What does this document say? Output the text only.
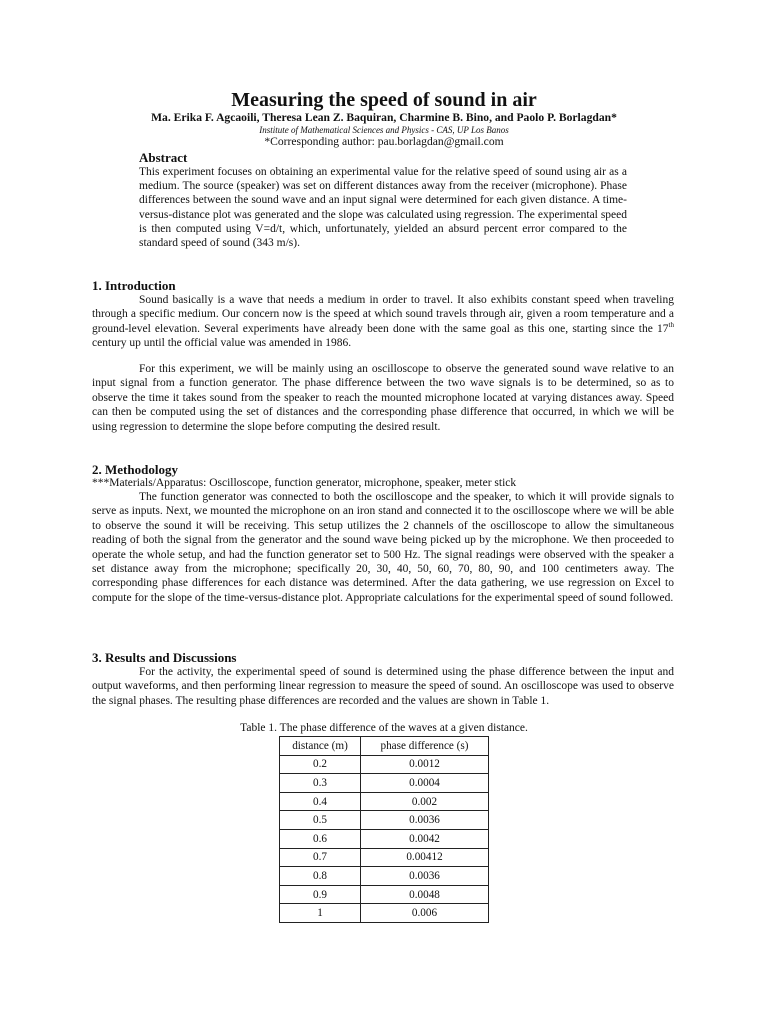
Measuring the speed of sound in air
Ma. Erika F. Agcaoili, Theresa Lean Z. Baquiran, Charmine B. Bino, and Paolo P. Borlagdan*
Institute of Mathematical Sciences and Physics - CAS, UP Los Banos
*Corresponding author: pau.borlagdan@gmail.com
Abstract
This experiment focuses on obtaining an experimental value for the relative speed of sound using air as a medium. The source (speaker) was set on different distances away from the receiver (microphone). Phase differences between the sound wave and an input signal were determined for each given distance. A time-versus-distance plot was generated and the slope was calculated using regression. The experimental speed is then computed using V=d/t, which, unfortunately, yielded an absurd percent error compared to the standard speed of sound (343 m/s).
1. Introduction
Sound basically is a wave that needs a medium in order to travel. It also exhibits constant speed when traveling through a specific medium. Our concern now is the speed at which sound travels through air, given a room temperature and a ground-level elevation. Several experiments have already been done with the same goal as this one, starting since the 17th century up until the official value was amended in 1986.
For this experiment, we will be mainly using an oscilloscope to observe the generated sound wave relative to an input signal from a function generator. The phase difference between the two wave signals is to be determined, so as to observe the time it takes sound from the speaker to reach the mounted microphone located at varying distances away. Speed can then be computed using the set of distances and the corresponding phase difference that occurred, in which we will be using regression to determine the slope before computing the desired result.
2. Methodology
***Materials/Apparatus: Oscilloscope, function generator, microphone, speaker, meter stick
The function generator was connected to both the oscilloscope and the speaker, to which it will provide signals to serve as inputs. Next, we mounted the microphone on an iron stand and connected it to the oscilloscope where we will be able to observe the sound it will be receiving. This setup utilizes the 2 channels of the oscilloscope to allow the simultaneous reading of both the signal from the generator and the sound wave being picked up by the microphone. We then proceeded to operate the whole setup, and had the function generator set to 500 Hz. The signal readings were observed with the speaker a set distance away from the microphone; specifically 20, 30, 40, 50, 60, 70, 80, 90, and 100 centimeters away. The corresponding phase differences for each distance was determined. After the data gathering, we use regression on Excel to compute for the slope of the time-versus-distance plot. Appropriate calculations for the experimental speed of sound followed.
3. Results and Discussions
For the activity, the experimental speed of sound is determined using the phase difference between the input and output waveforms, and then performing linear regression to measure the speed of sound. An oscilloscope was used to observe the signal phases. The resulting phase differences are recorded and the values are shown in Table 1.
Table 1. The phase difference of the waves at a given distance.
distance (m)	phase difference (s)
0.2	0.0012
0.3	0.0004
0.4	0.002
0.5	0.0036
0.6	0.0042
0.7	0.00412
0.8	0.0036
0.9	0.0048
1	0.006
